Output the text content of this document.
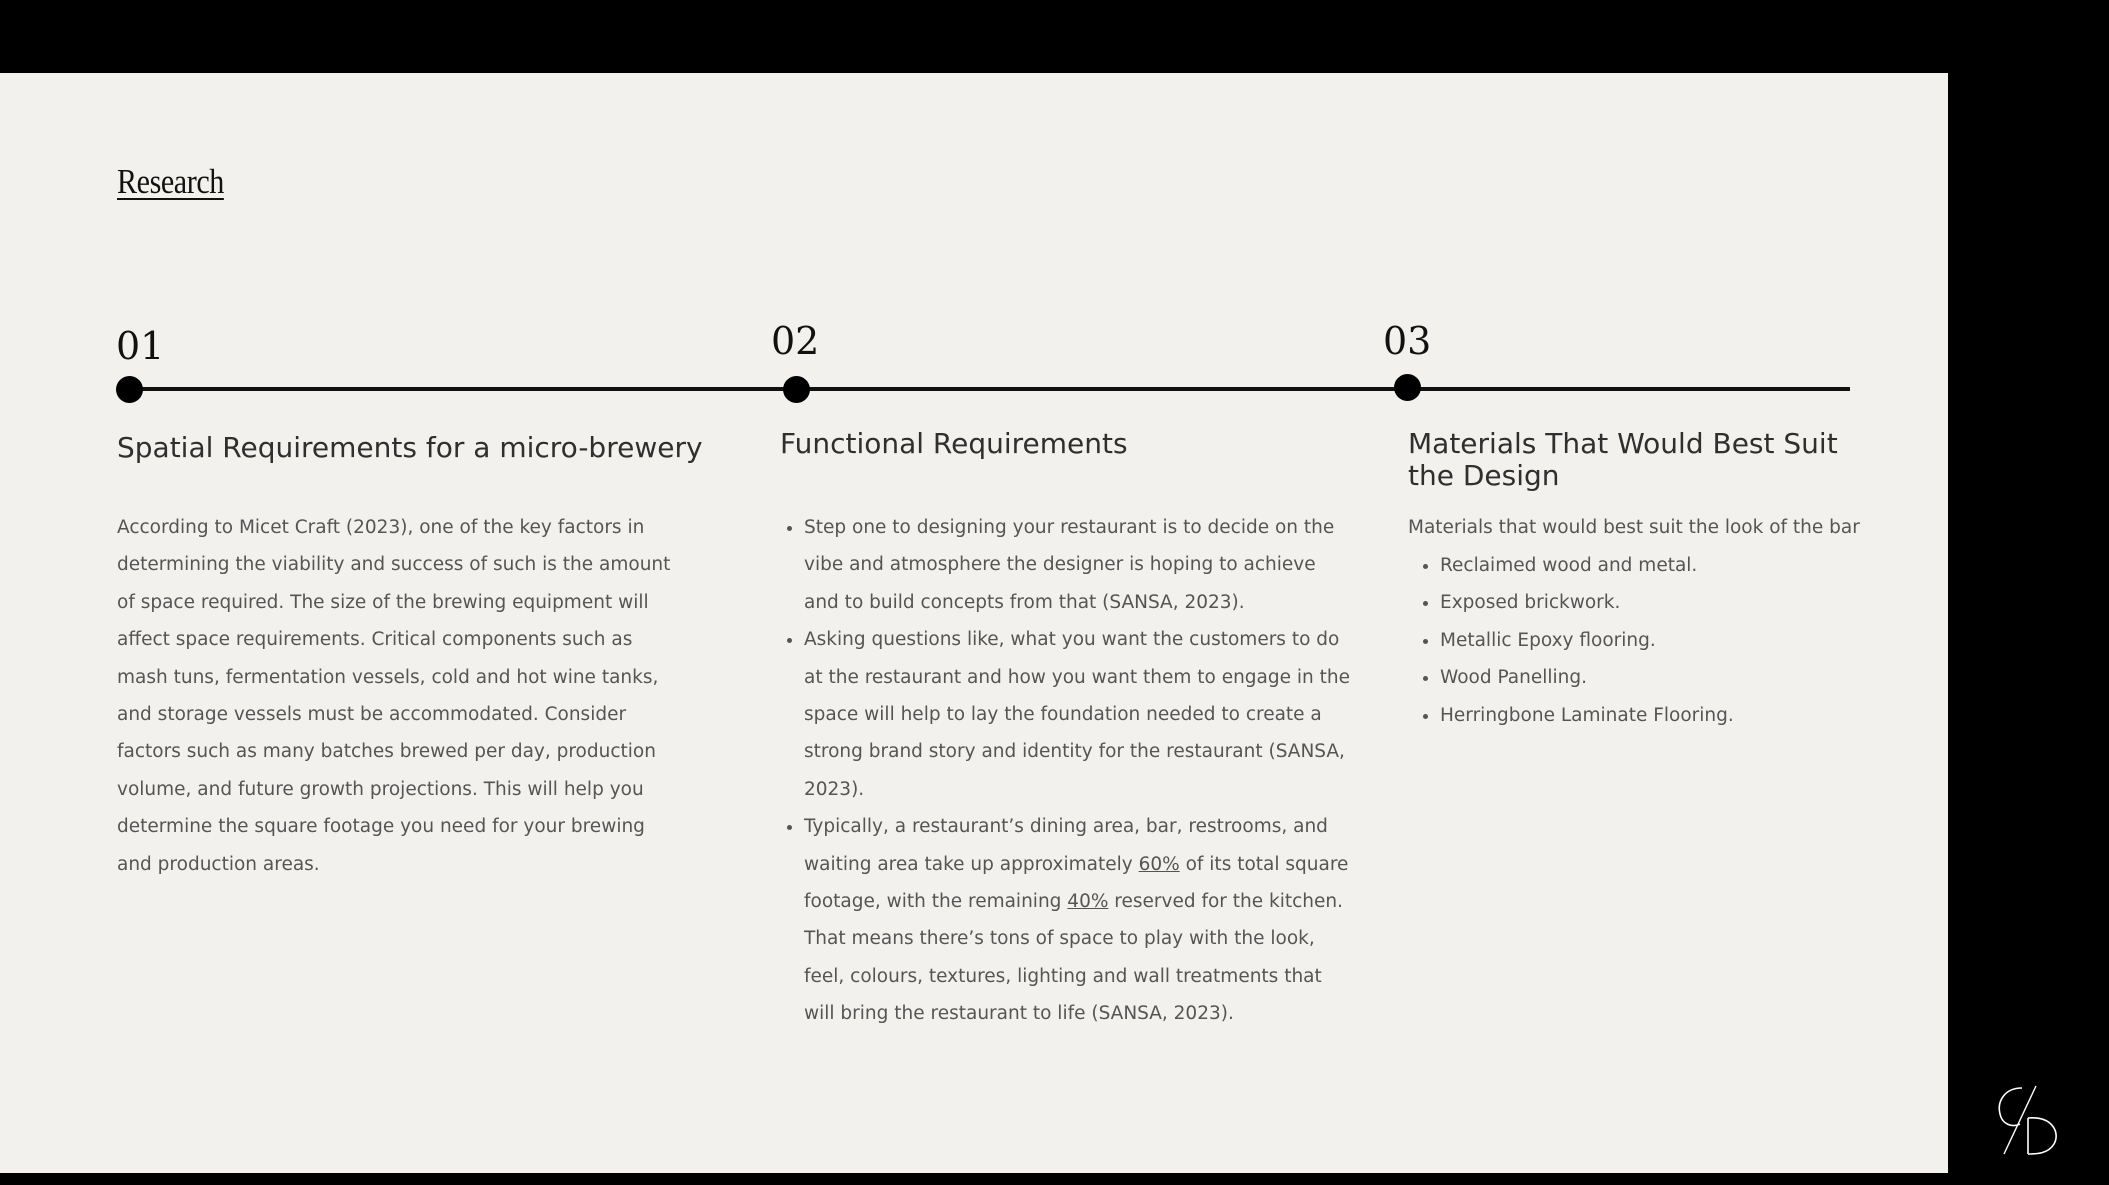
Research
01	02	03
Spatial Requirements for a micro-brewery

According to Micet Craft (2023), one of the key factors in determining the viability and success of such is the amount of space required. The size of the brewing equipment will affect space requirements. Critical components such as mash tuns, fermentation vessels, cold and hot wine tanks, and storage vessels must be accommodated. Consider factors such as many batches brewed per day, production volume, and future growth projections. This will help you determine the square footage you need for your brewing and production areas.

Functional Requirements
• Step one to designing your restaurant is to decide on the vibe and atmosphere the designer is hoping to achieve and to build concepts from that (SANSA, 2023).
• Asking questions like, what you want the customers to do at the restaurant and how you want them to engage in the space will help to lay the foundation needed to create a strong brand story and identity for the restaurant (SANSA, 2023).
• Typically, a restaurant’s dining area, bar, restrooms, and waiting area take up approximately 60% of its total square footage, with the remaining 40% reserved for the kitchen. That means there’s tons of space to play with the look, feel, colours, textures, lighting and wall treatments that will bring the restaurant to life (SANSA, 2023).
Materials That Would Best Suit the Design

Materials that would best suit the look of the bar

• Reclaimed wood and metal.
• Exposed brickwork.
• Metallic Epoxy flooring.
• Wood Panelling.
• Herringbone Laminate Flooring.
